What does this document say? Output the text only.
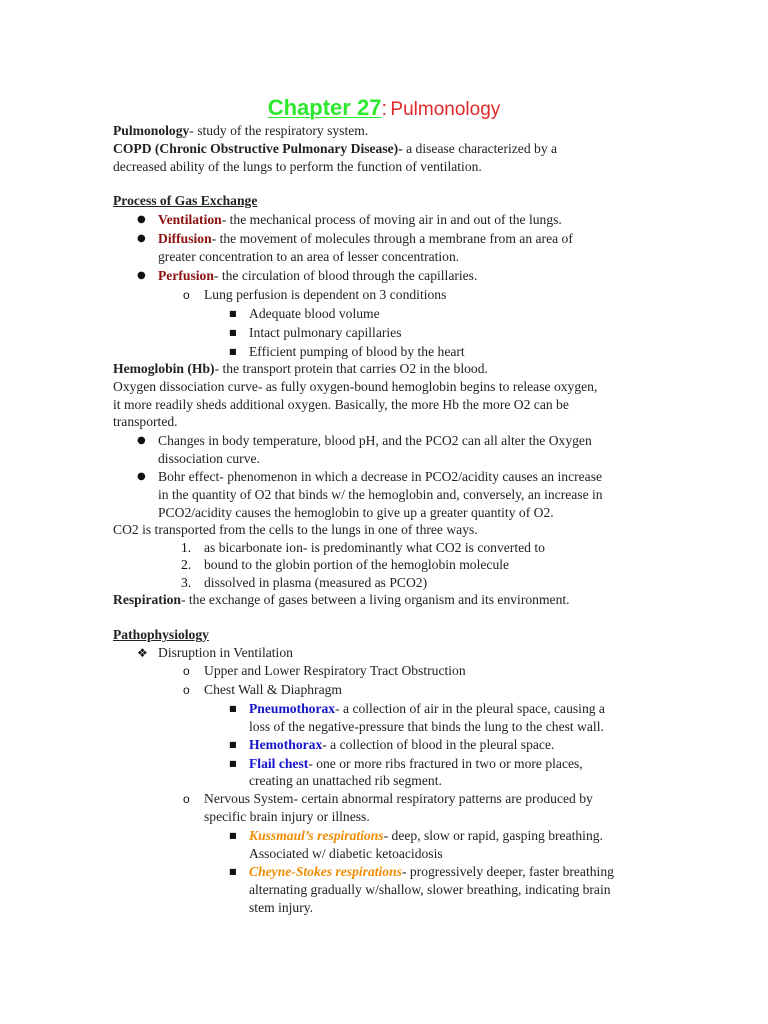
Chapter 27: Pulmonology
Pulmonology- study of the respiratory system.
COPD (Chronic Obstructive Pulmonary Disease)- a disease characterized by a
decreased ability of the lungs to perform the function of ventilation.
Process of Gas Exchange
● Ventilation- the mechanical process of moving air in and out of the lungs.
● Diffusion- the movement of molecules through a membrane from an area of
greater concentration to an area of lesser concentration.
● Perfusion- the circulation of blood through the capillaries.
o Lung perfusion is dependent on 3 conditions
■ Adequate blood volume
■ Intact pulmonary capillaries
■ Efficient pumping of blood by the heart
Hemoglobin (Hb)- the transport protein that carries O2 in the blood.
Oxygen dissociation curve- as fully oxygen-bound hemoglobin begins to release oxygen,
it more readily sheds additional oxygen. Basically, the more Hb the more O2 can be
transported.
● Changes in body temperature, blood pH, and the PCO2 can all alter the Oxygen
dissociation curve.
● Bohr effect- phenomenon in which a decrease in PCO2/acidity causes an increase
in the quantity of O2 that binds w/ the hemoglobin and, conversely, an increase in
PCO2/acidity causes the hemoglobin to give up a greater quantity of O2.
CO2 is transported from the cells to the lungs in one of three ways.
1. as bicarbonate ion- is predominantly what CO2 is converted to
2. bound to the globin portion of the hemoglobin molecule
3. dissolved in plasma (measured as PCO2)
Respiration- the exchange of gases between a living organism and its environment.
Pathophysiology
❖ Disruption in Ventilation
o Upper and Lower Respiratory Tract Obstruction
o Chest Wall & Diaphragm
■ Pneumothorax- a collection of air in the pleural space, causing a
loss of the negative-pressure that binds the lung to the chest wall.
■ Hemothorax- a collection of blood in the pleural space.
■ Flail chest- one or more ribs fractured in two or more places,
creating an unattached rib segment.
o Nervous System- certain abnormal respiratory patterns are produced by
specific brain injury or illness.
■ Kussmaul’s respirations- deep, slow or rapid, gasping breathing.
Associated w/ diabetic ketoacidosis
■ Cheyne-Stokes respirations- progressively deeper, faster breathing
alternating gradually w/shallow, slower breathing, indicating brain
stem injury.
